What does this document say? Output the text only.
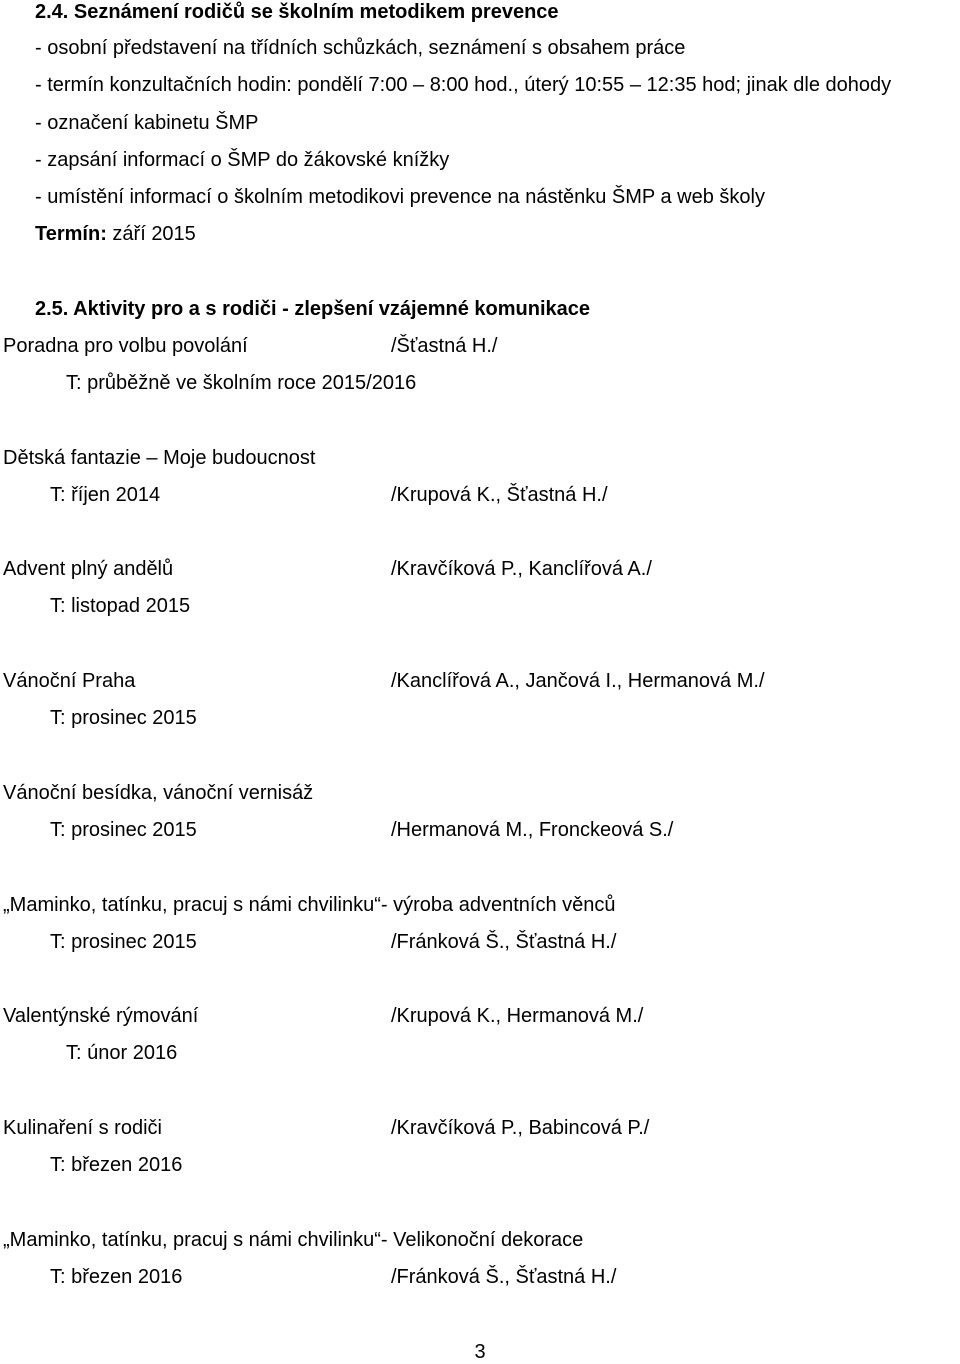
2.4. Seznámení rodičů se školním metodikem prevence
- osobní představení na třídních schůzkách, seznámení s obsahem práce
- termín konzultačních hodin: pondělí 7:00 – 8:00 hod., úterý 10:55 – 12:35 hod; jinak dle dohody
- označení kabinetu ŠMP
- zapsání informací o ŠMP do žákovské knížky
- umístění informací o školním metodikovi prevence na nástěnku ŠMP a web školy
Termín: září 2015
2.5. Aktivity pro a s rodiči - zlepšení vzájemné komunikace
Poradna pro volbu povolání	/Šťastná H./
T: průběžně ve školním roce 2015/2016
Dětská fantazie – Moje budoucnost
T: říjen 2014	/Krupová K., Šťastná H./
Advent plný andělů	/Kravčíková P., Kanclířová A./
T: listopad 2015
Vánoční Praha	/Kanclířová A., Jančová I., Hermanová M./
T: prosinec 2015
Vánoční besídka, vánoční vernisáž
T: prosinec 2015	/Hermanová M., Fronckeová S./
„Maminko, tatínku, pracuj s námi chvilinku“- výroba adventních věnců
T: prosinec 2015	/Fránková Š., Šťastná H./
Valentýnské rýmování	/Krupová K., Hermanová M./
T: únor 2016
Kulinaření s rodiči	/Kravčíková P., Babincová P./
T: březen 2016
„Maminko, tatínku, pracuj s námi chvilinku“- Velikonoční dekorace
T: březen 2016	/Fránková Š., Šťastná H./
3
